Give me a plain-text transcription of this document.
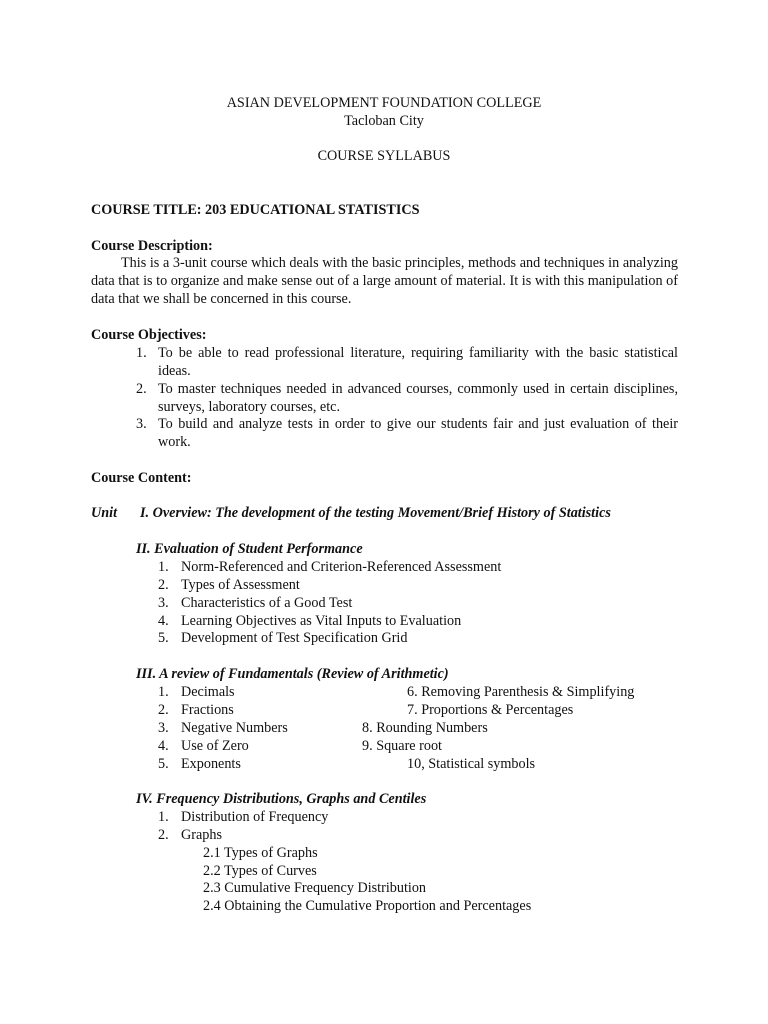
ASIAN DEVELOPMENT FOUNDATION COLLEGE
Tacloban City
COURSE SYLLABUS
COURSE TITLE: 203 EDUCATIONAL STATISTICS
Course Description:
This is a 3-unit course which deals with the basic principles, methods and techniques in analyzing data that is to organize and make sense out of a large amount of material. It is with this manipulation of data that we shall be concerned in this course.
Course Objectives:
1. To be able to read professional literature, requiring familiarity with the basic statistical ideas.
2. To master techniques needed in advanced courses, commonly used in certain disciplines, surveys, laboratory courses, etc.
3. To build and analyze tests in order to give our students fair and just evaluation of their work.
Course Content:
Unit I. Overview: The development of the testing Movement/Brief History of Statistics
II. Evaluation of Student Performance
1. Norm-Referenced and Criterion-Referenced Assessment
2. Types of Assessment
3. Characteristics of a Good Test
4. Learning Objectives as Vital Inputs to Evaluation
5. Development of Test Specification Grid
III. A review of Fundamentals (Review of Arithmetic)
1. Decimals
2. Fractions
3. Negative Numbers
4. Use of Zero
5. Exponents
6. Removing Parenthesis & Simplifying
7. Proportions & Percentages
8. Rounding Numbers
9. Square root
10, Statistical symbols
IV. Frequency Distributions, Graphs and Centiles
1. Distribution of Frequency
2. Graphs
2.1 Types of Graphs
2.2 Types of Curves
2.3 Cumulative Frequency Distribution
2.4 Obtaining the Cumulative Proportion and Percentages
